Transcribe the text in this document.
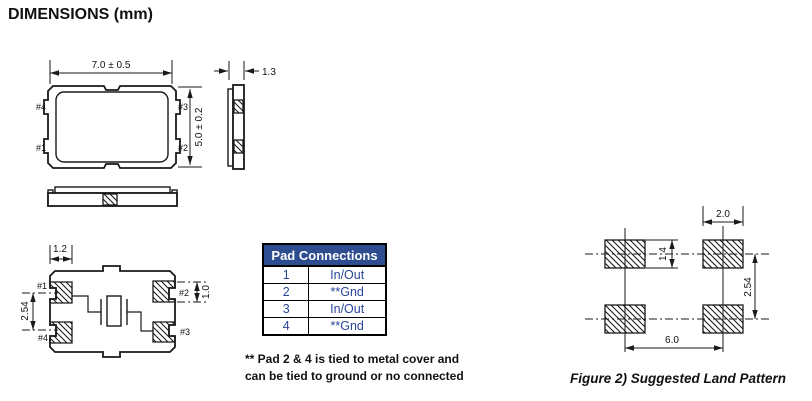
DIMENSIONS (mm)
7.0 ± 0.5
5.0 ± 0.2
#4	#3
#1	#2
1.3
1.2
2.54
1.0
#1
#2
#3
#4
2.0
1.4
2.54
6.0
Pad Connections	
1	In/Out
2	**Gnd
3	In/Out
4	**Gnd
** Pad 2 & 4 is tied to metal cover and
can be tied to ground or no connected	Figure 2) Suggested Land Pattern
